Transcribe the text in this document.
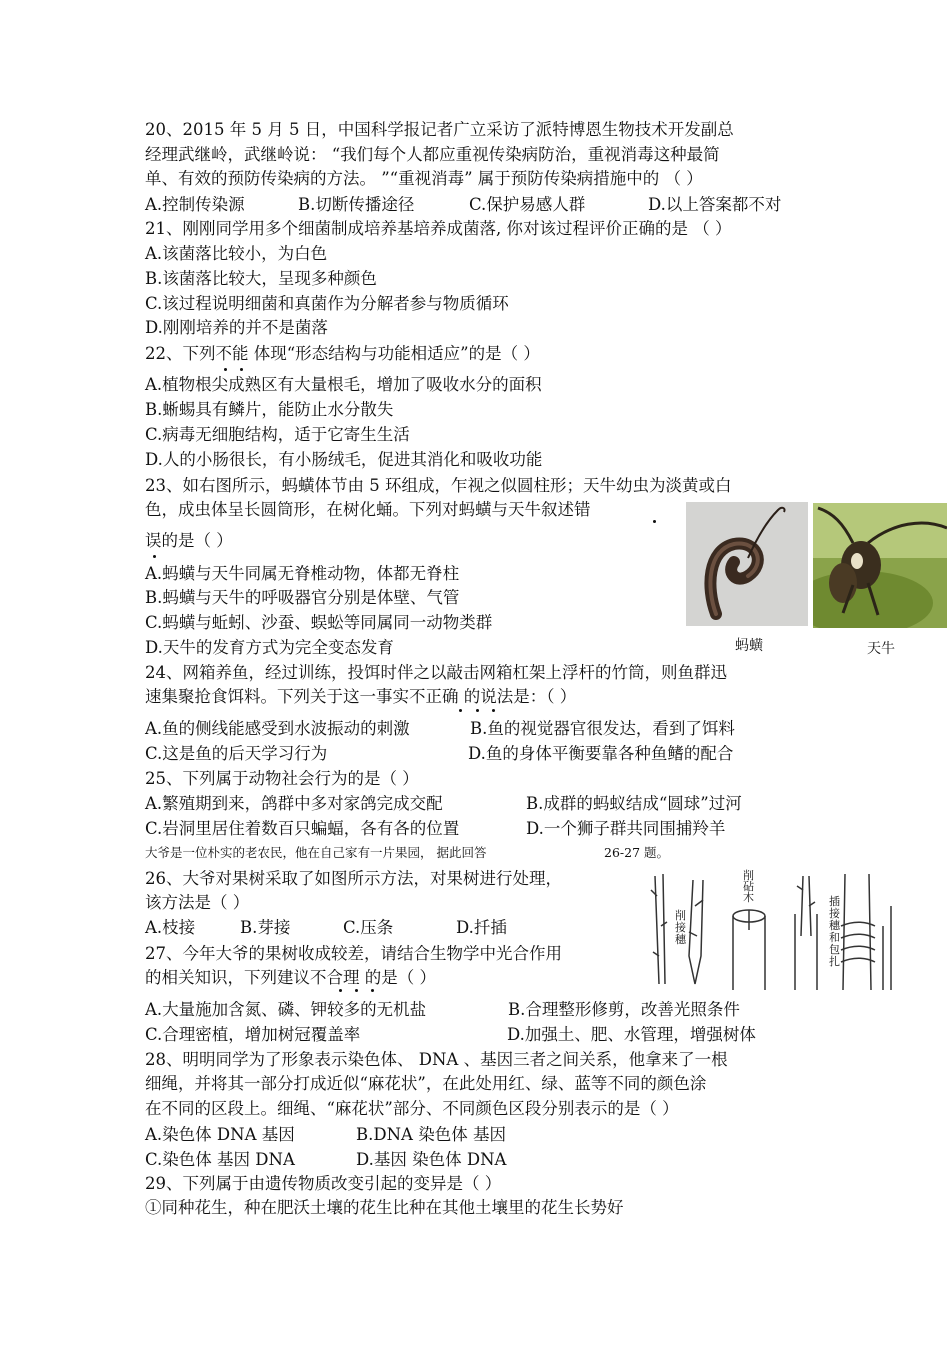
20、2015 年 5 月 5 日，中国科学报记者广立采访了派特博恩生物技术开发副总
经理武继岭，武继岭说： “我们每个人都应重视传染病防治，重视消毒这种最简
单、有效的预防传染病的方法。 ”“重视消毒” 属于预防传染病措施中的 （ ）
A.控制传染源	B.切断传播途径	C.保护易感人群	D.以上答案都不对
21、刚刚同学用多个细菌制成培养基培养成菌落, 你对该过程评价正确的是 （ ）
A.该菌落比较小，为白色
B.该菌落比较大，呈现多种颜色
C.该过程说明细菌和真菌作为分解者参与物质循环
D.刚刚培养的并不是菌落
22、下列不能 体现“形态结构与功能相适应”的是（ ）
A.植物根尖成熟区有大量根毛，增加了吸收水分的面积
B.蜥蜴具有鳞片，能防止水分散失
C.病毒无细胞结构，适于它寄生生活
D.人的小肠很长，有小肠绒毛，促进其消化和吸收功能
23、如右图所示，蚂蟥体节由 5 环组成，乍视之似圆柱形；天牛幼虫为淡黄或白
色，成虫体呈长圆筒形，在树化蛹。下列对蚂蟥与天牛叙述错
误的是（ ）
A.蚂蟥与天牛同属无脊椎动物，体都无脊柱
B.蚂蟥与天牛的呼吸器官分别是体壁、气管
C.蚂蟥与蚯蚓、沙蚕、蜈蚣等同属同一动物类群
D.天牛的发育方式为完全变态发育
24、网箱养鱼，经过训练，投饵时伴之以敲击网箱杠架上浮杆的竹筒，则鱼群迅
速集聚抢食饵料。下列关于这一事实不正确 的说法是：（ ）
A.鱼的侧线能感受到水波振动的刺激	B.鱼的视觉器官很发达，看到了饵料
C.这是鱼的后天学习行为	D.鱼的身体平衡要靠各种鱼鳍的配合
25、下列属于动物社会行为的是（ ）
A.繁殖期到来，鸽群中多对家鸽完成交配	B.成群的蚂蚁结成“圆球”过河
C.岩洞里居住着数百只蝙蝠，各有各的位置	D.一个狮子群共同围捕羚羊
大爷是一位朴实的老农民，他在自己家有一片果园， 据此回答	26-27 题。
26、大爷对果树采取了如图所示方法，对果树进行处理，
该方法是（ ）
A.枝接	B.芽接	C.压条	D.扦插
27、今年大爷的果树收成较差，请结合生物学中光合作用
的相关知识，下列建议不合理 的是（ ）
A.大量施加含氮、磷、钾较多的无机盐	B.合理整形修剪，改善光照条件
C.合理密植，增加树冠覆盖率	D.加强土、肥、水管理，增强树体
28、明明同学为了形象表示染色体、 DNA 、基因三者之间关系，他拿来了一根
细绳，并将其一部分打成近似“麻花状”，在此处用红、绿、蓝等不同的颜色涂
在不同的区段上。细绳、“麻花状”部分、不同颜色区段分别表示的是（ ）
A.染色体 DNA 基因	B.DNA 染色体 基因
C.染色体 基因 DNA	D.基因 染色体 DNA
29、下列属于由遗传物质改变引起的变异是（ ）
①同种花生，种在肥沃土壤的花生比种在其他土壤里的花生长势好
蚂蟥	天牛
削接穗
削砧木	插接穗和包扎
